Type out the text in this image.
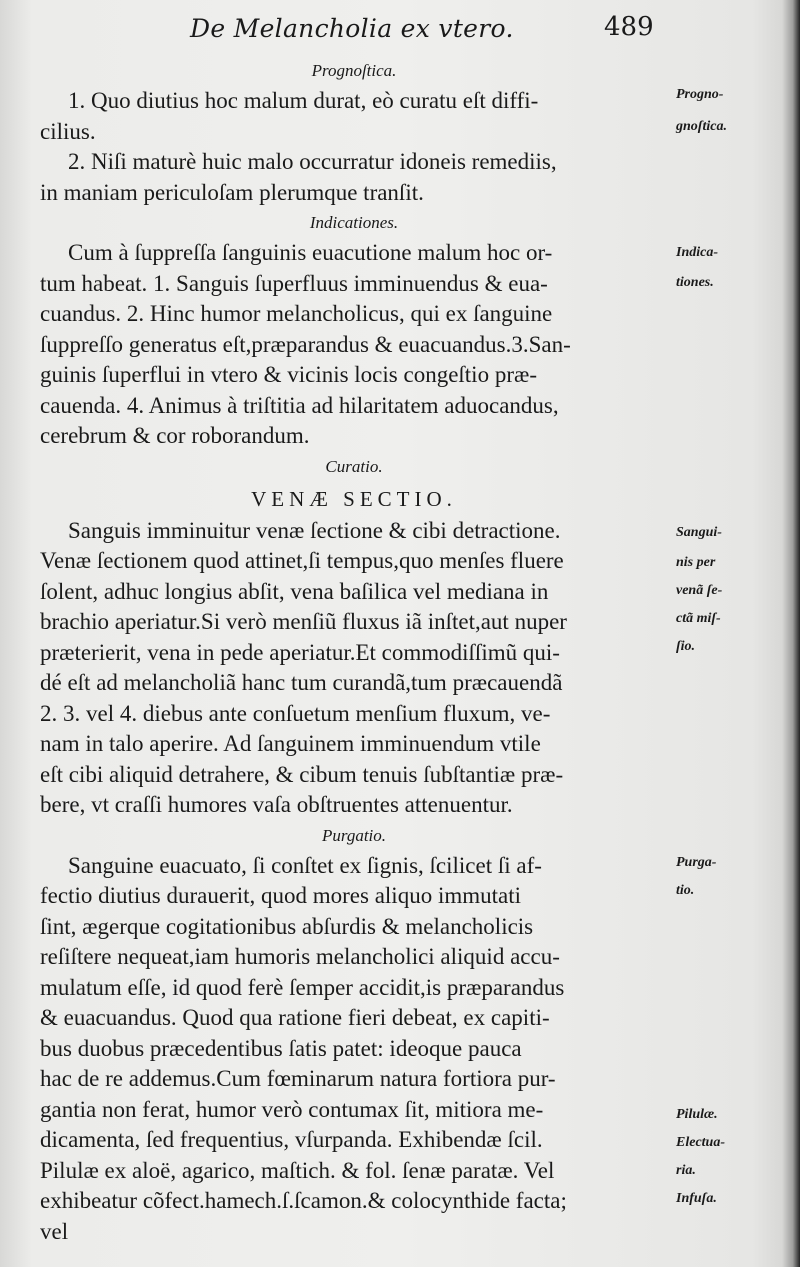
De Melancholia ex vtero.	489
Prognoſtica.
1. Quo diutius hoc malum durat, eò curatu eſt diffi-
cilius.
2. Niſi maturè huic malo occurratur idoneis remediis,
in maniam periculoſam plerumque tranſit.
Indicationes.
Cum à ſuppreſſa ſanguinis euacutione malum hoc or-
tum habeat. 1. Sanguis ſuperfluus imminuendus & eua-
cuandus. 2. Hinc humor melancholicus, qui ex ſanguine
ſuppreſſo generatus eſt,præparandus & euacuandus.3.San-
guinis ſuperflui in vtero & vicinis locis congeſtio præ-
cauenda. 4. Animus à triſtitia ad hilaritatem aduocandus,
cerebrum & cor roborandum.
Curatio.
VENÆ SECTIO.
Sanguis imminuitur venæ ſectione & cibi detractione.
Venæ ſectionem quod attinet,ſi tempus,quo menſes fluere
ſolent, adhuc longius abſit, vena baſilica vel mediana in
brachio aperiatur.Si verò menſiũ fluxus iã inſtet,aut nuper
præterierit, vena in pede aperiatur.Et commodiſſimũ qui-
dé eſt ad melancholiã hanc tum curandã,tum præcauendã
2. 3. vel 4. diebus ante conſuetum menſium fluxum, ve-
nam in talo aperire. Ad ſanguinem imminuendum vtile
eſt cibi aliquid detrahere, & cibum tenuis ſubſtantiæ præ-
bere, vt craſſi humores vaſa obſtruentes attenuentur.
Purgatio.
Sanguine euacuato, ſi conſtet ex ſignis, ſcilicet ſi af-
fectio diutius durauerit, quod mores aliquo immutati
ſint, ægerque cogitationibus abſurdis & melancholicis
reſiſtere nequeat,iam humoris melancholici aliquid accu-
mulatum eſſe, id quod ferè ſemper accidit,is præparandus
& euacuandus. Quod qua ratione fieri debeat, ex capiti-
bus duobus præcedentibus ſatis patet: ideoque pauca
hac de re addemus.Cum fœminarum natura fortiora pur-
gantia non ferat, humor verò contumax ſit, mitiora me-
dicamenta, ſed frequentius, vſurpanda. Exhibendæ ſcil.
Pilulæ ex aloë, agarico, maſtich. & fol. ſenæ paratæ. Vel
exhibeatur cõfect.hamech.ſ.ſcamon.& colocynthide facta;
vel
Progno-
gnoſtica.
Indica-
tiones.
Sangui-
nis per
venã ſe-
ctã miſ-
ſio.
Purga-
tio.
Pilulæ.
Electua-
ria.
Infuſa.
